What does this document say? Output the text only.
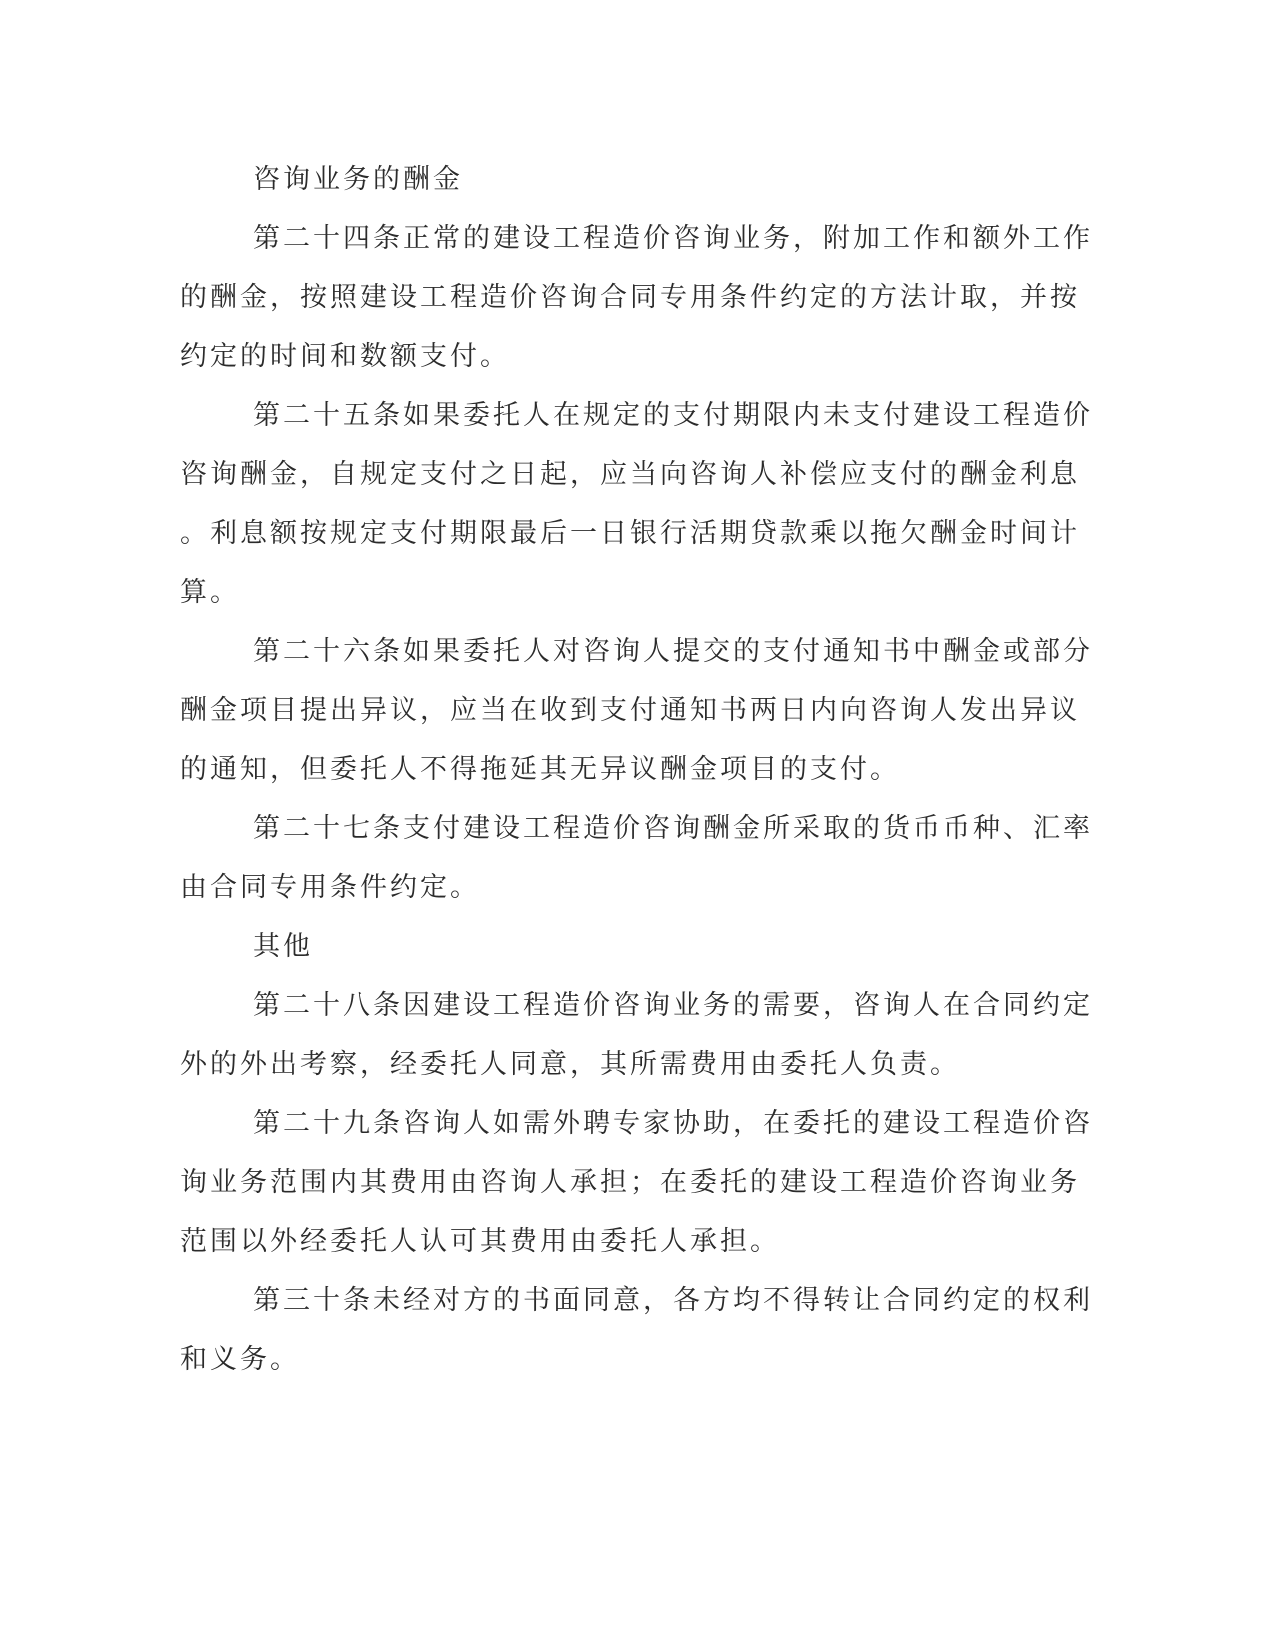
咨询业务的酬金
第二十四条正常的建设工程造价咨询业务，附加工作和额外工作
的酬金，按照建设工程造价咨询合同专用条件约定的方法计取，并按
约定的时间和数额支付。
第二十五条如果委托人在规定的支付期限内未支付建设工程造价
咨询酬金，自规定支付之日起，应当向咨询人补偿应支付的酬金利息
。利息额按规定支付期限最后一日银行活期贷款乘以拖欠酬金时间计
算。
第二十六条如果委托人对咨询人提交的支付通知书中酬金或部分
酬金项目提出异议，应当在收到支付通知书两日内向咨询人发出异议
的通知，但委托人不得拖延其无异议酬金项目的支付。
第二十七条支付建设工程造价咨询酬金所采取的货币币种、汇率
由合同专用条件约定。
其他
第二十八条因建设工程造价咨询业务的需要，咨询人在合同约定
外的外出考察，经委托人同意，其所需费用由委托人负责。
第二十九条咨询人如需外聘专家协助，在委托的建设工程造价咨
询业务范围内其费用由咨询人承担；在委托的建设工程造价咨询业务
范围以外经委托人认可其费用由委托人承担。
第三十条未经对方的书面同意，各方均不得转让合同约定的权利
和义务。
